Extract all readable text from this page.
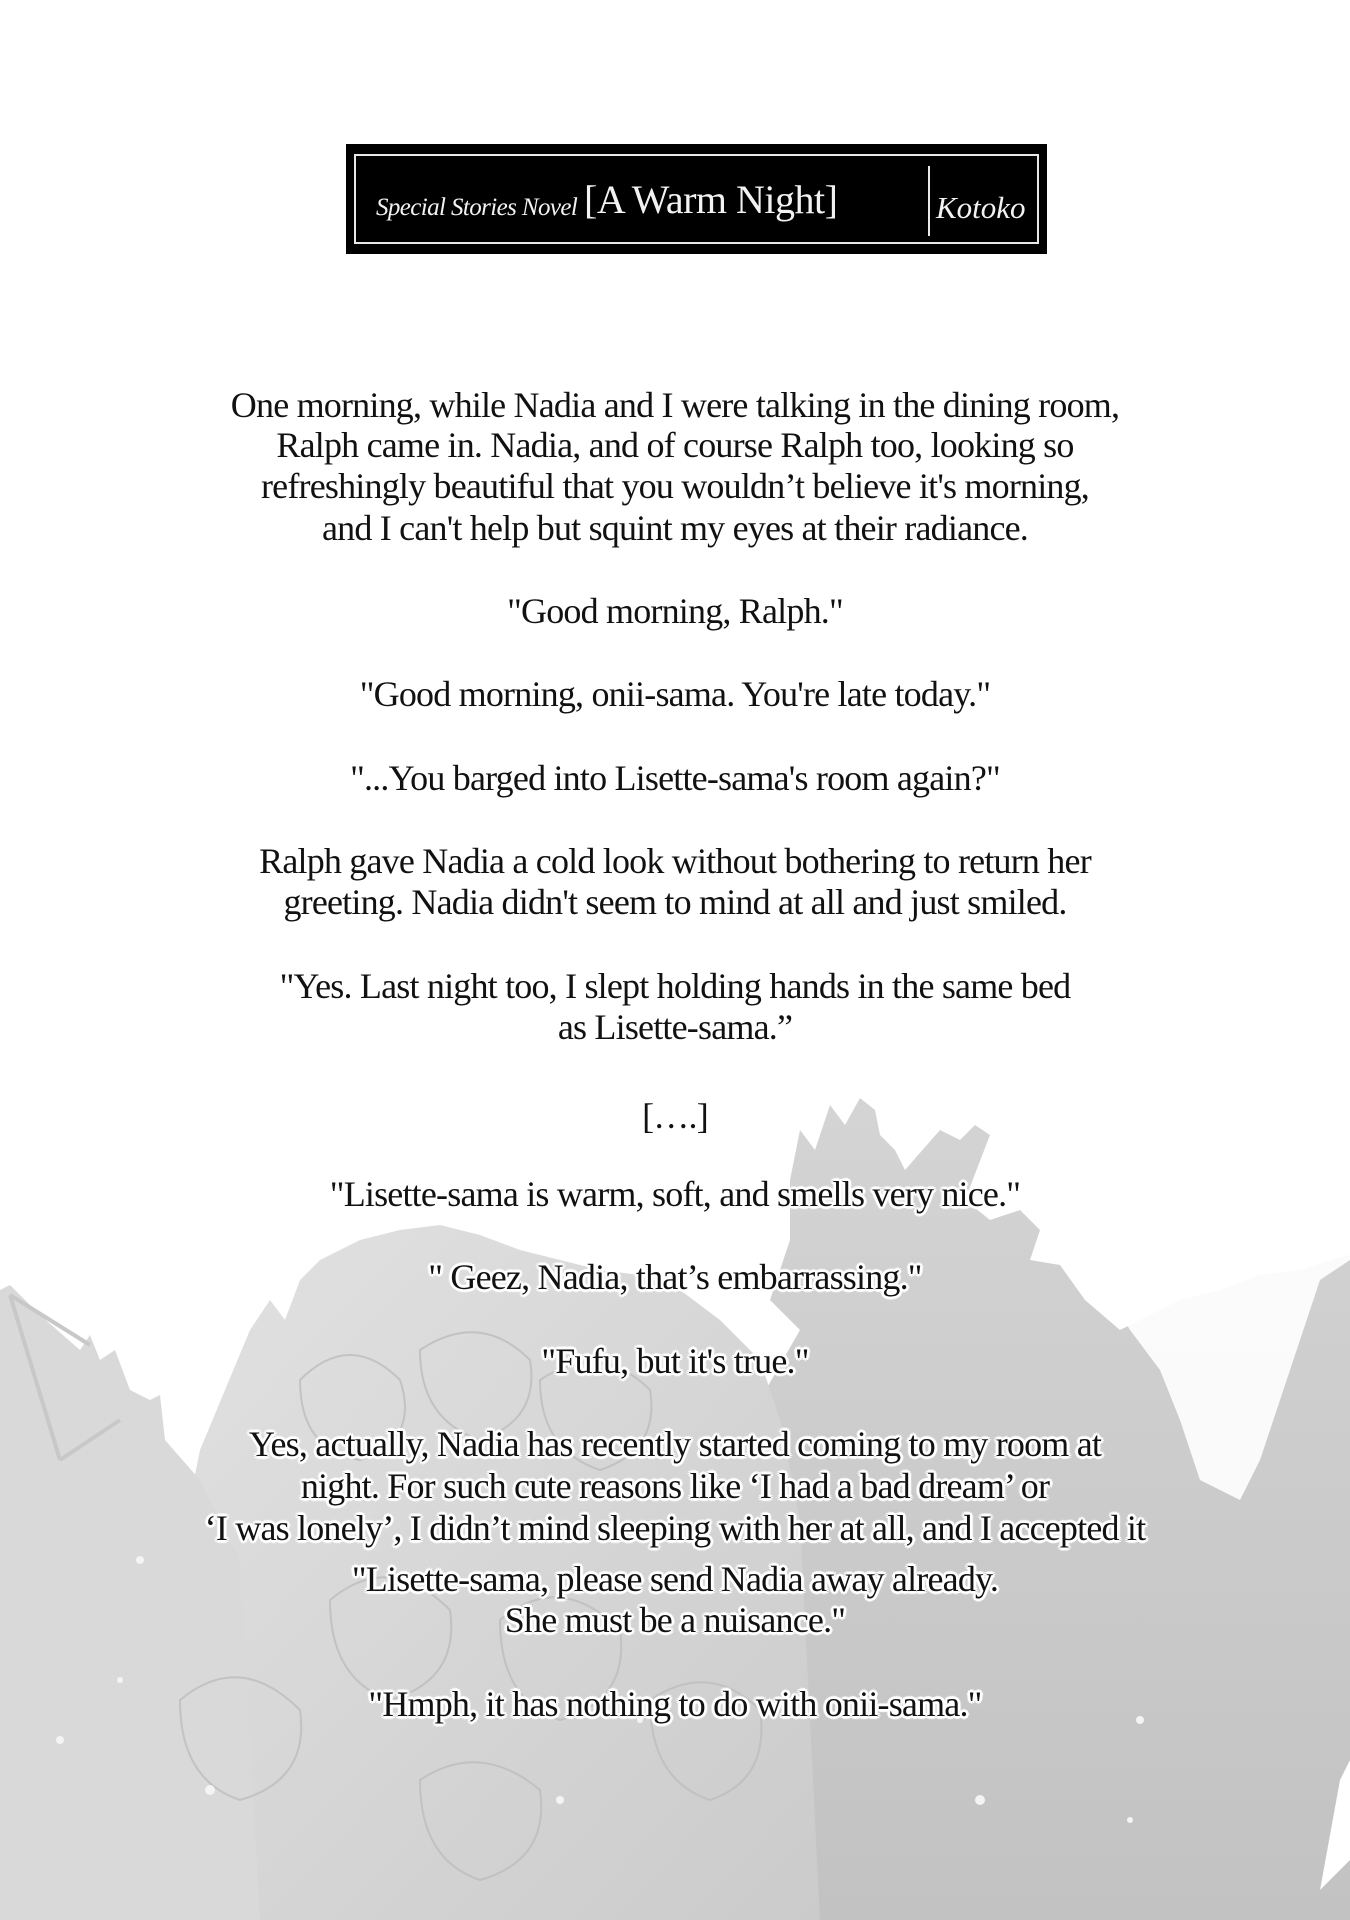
Special Stories Novel [A Warm Night]	Kotoko
One morning, while Nadia and I were talking in the dining room,
Ralph came in. Nadia, and of course Ralph too, looking so
refreshingly beautiful that you wouldn’t believe it's morning,
and I can't help but squint my eyes at their radiance.
"Good morning, Ralph."
"Good morning, onii-sama. You're late today."
"...You barged into Lisette-sama's room again?"
Ralph gave Nadia a cold look without bothering to return her
greeting. Nadia didn't seem to mind at all and just smiled.
"Yes. Last night too, I slept holding hands in the same bed
as Lisette-sama.”
[….]
"Lisette-sama is warm, soft, and smells very nice."
" Geez, Nadia, that’s embarrassing."
"Fufu, but it's true."
Yes, actually, Nadia has recently started coming to my room at
night. For such cute reasons like ‘I had a bad dream’ or
‘I was lonely’, I didn’t mind sleeping with her at all, and I accepted it
"Lisette-sama, please send Nadia away already.
She must be a nuisance."
"Hmph, it has nothing to do with onii-sama."
